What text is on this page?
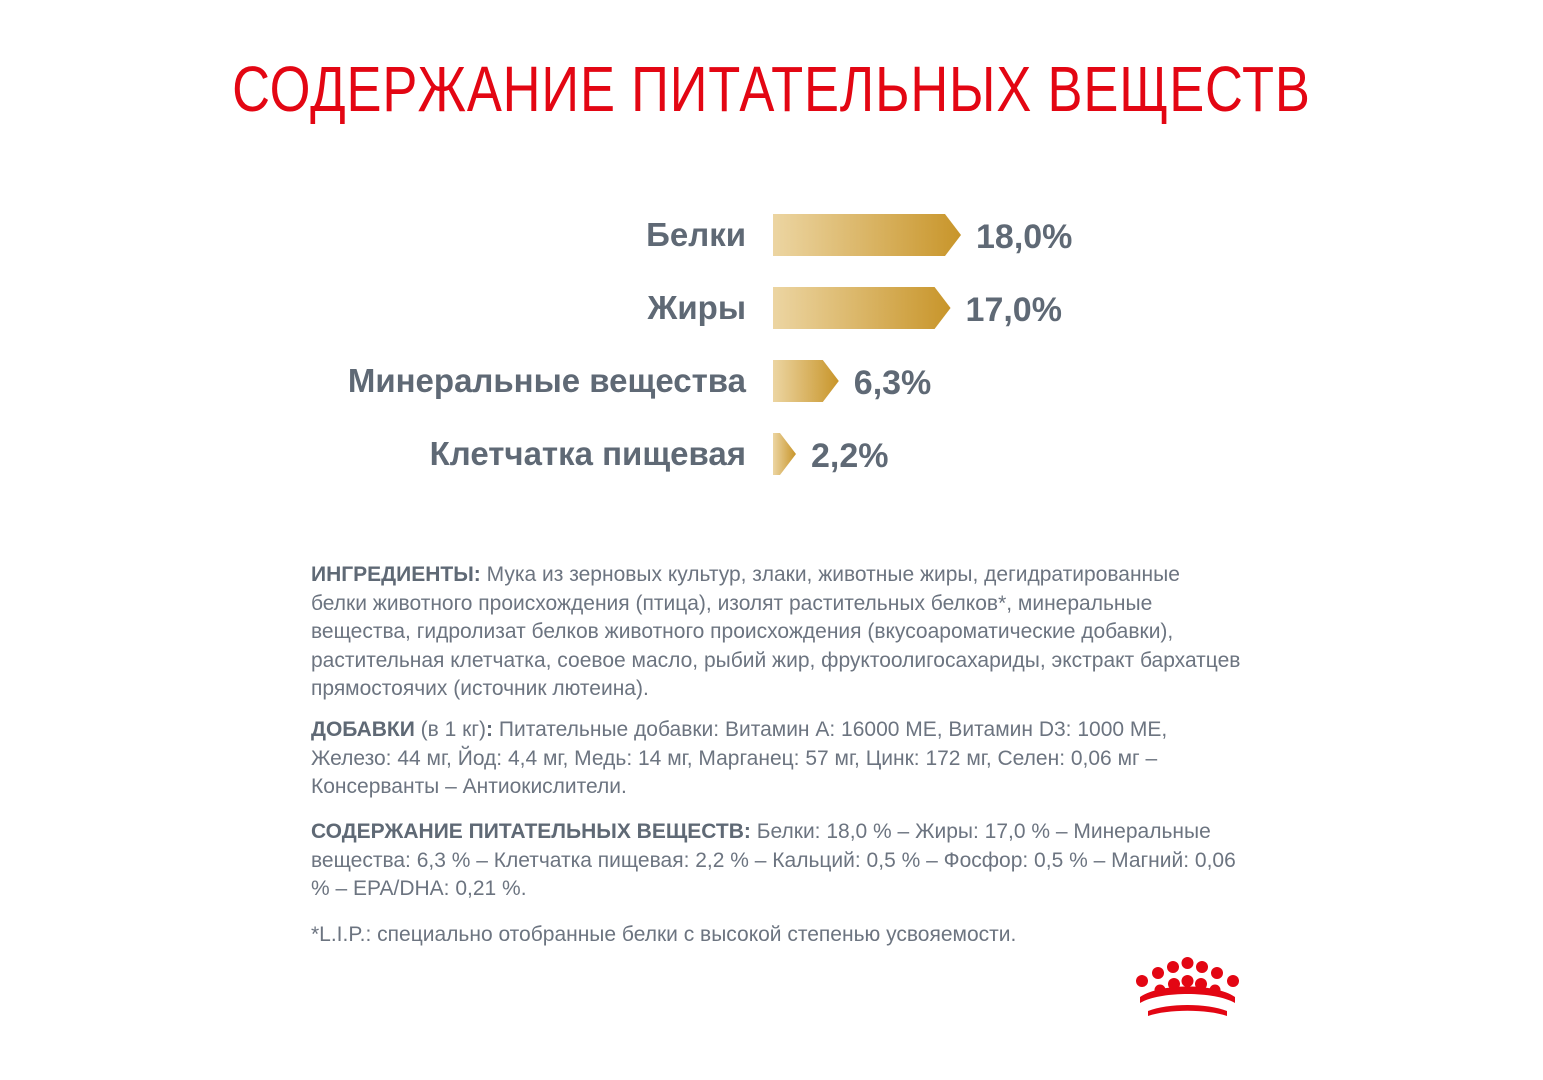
СОДЕРЖАНИЕ ПИТАТЕЛЬНЫХ ВЕЩЕСТВ
Белки	18,0%
Жиры	17,0%
Минеральные вещества	6,3%
Клетчатка пищевая 2,2%

ИНГРЕДИЕНТЫ: Мука из зерновых культур, злаки, животные жиры, дегидратированные белки животного происхождения (птица), изолят растительных белков*, минеральные вещества, гидролизат белков животного происхождения (вкусоароматические добавки), растительная клетчатка, соевое масло, рыбий жир, фруктоолигосахариды, экстракт бархатцев прямостоячих (источник лютеина).

ДОБАВКИ (в 1 кг): Питательные добавки: Витамин А: 16000 МЕ, Витамин D3: 1000 МЕ, Железо: 44 мг, Йод: 4,4 мг, Медь: 14 мг, Марганец: 57 мг, Цинк: 172 мг, Селен: 0,06 мг – Консерванты – Антиокислители.

СОДЕРЖАНИЕ ПИТАТЕЛЬНЫХ ВЕЩЕСТВ: Белки: 18,0 % – Жиры: 17,0 % – Минеральные вещества: 6,3 % – Клетчатка пищевая: 2,2 % – Кальций: 0,5 % – Фосфор: 0,5 % – Магний: 0,06 % – EPA/DHA: 0,21 %.

*L.I.P.: специально отобранные белки с высокой степенью усвояемости.
